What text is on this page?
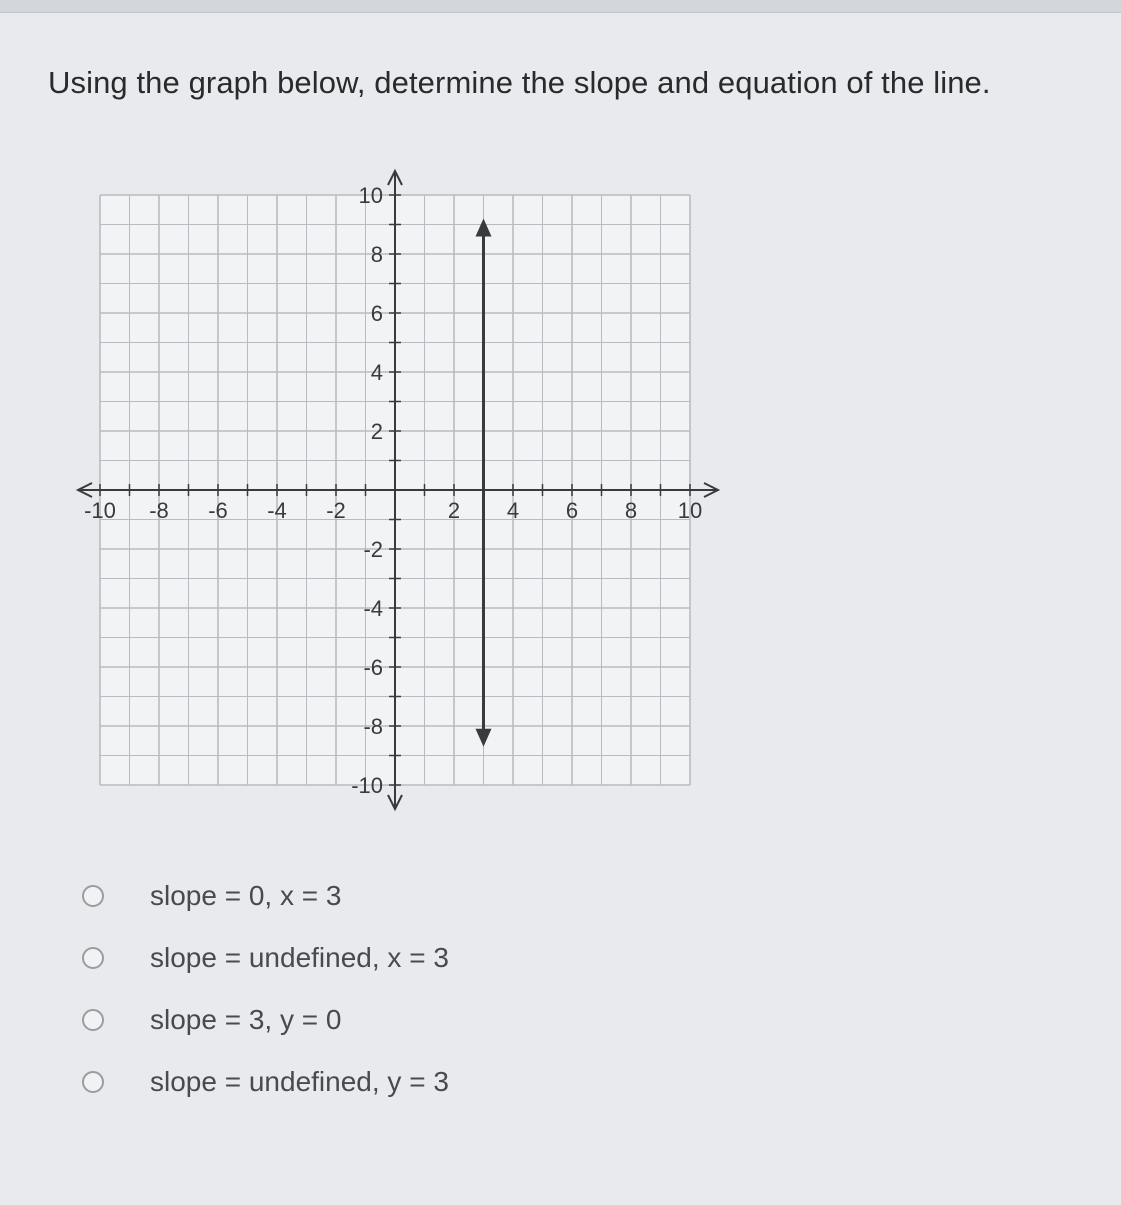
Using the graph below, determine the slope and equation of the line.
-10 -8 -6 -4 -2	2 4 6 8 10
10
8
6
4
2
-2
-4
-6
-8
-10
slope = 0, x = 3
slope = undefined, x = 3
slope = 3, y = 0
slope = undefined, y = 3
